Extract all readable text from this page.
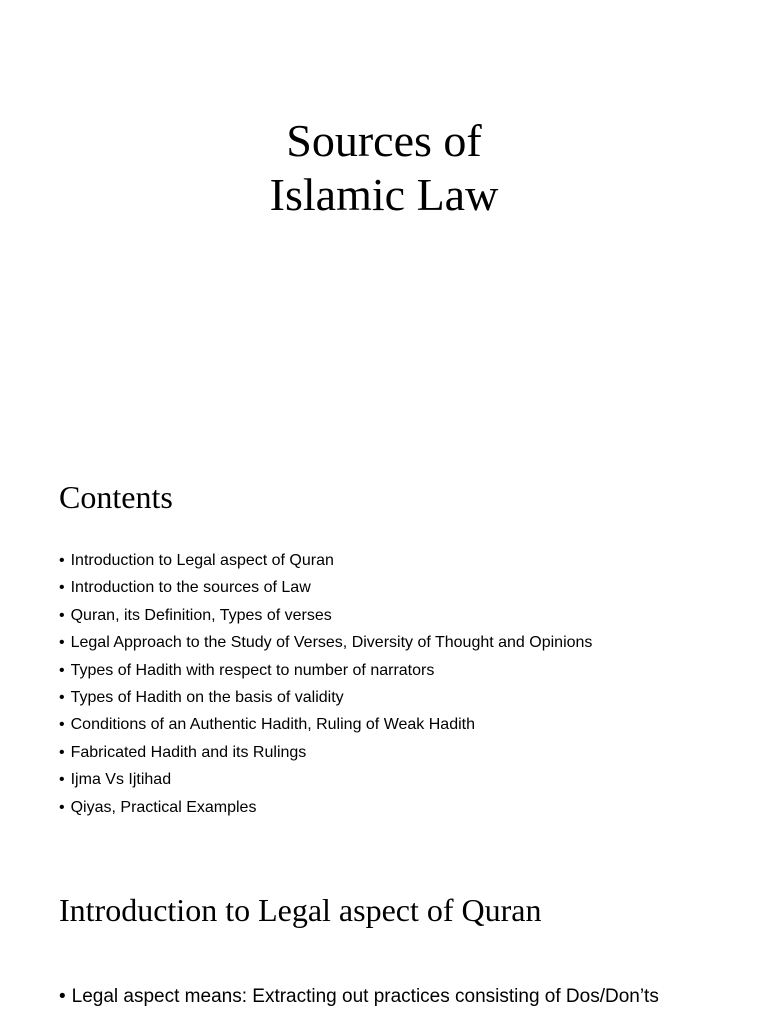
Sources of
Islamic Law
Contents
• Introduction to Legal aspect of Quran
• Introduction to the sources of Law
• Quran, its Definition, Types of verses
• Legal Approach to the Study of Verses, Diversity of Thought and Opinions
• Types of Hadith with respect to number of narrators
• Types of Hadith on the basis of validity
• Conditions of an Authentic Hadith, Ruling of Weak Hadith
• Fabricated Hadith and its Rulings
• Ijma Vs Ijtihad
• Qiyas, Practical Examples
Introduction to Legal aspect of Quran
• Legal aspect means: Extracting out practices consisting of Dos/Don’ts
